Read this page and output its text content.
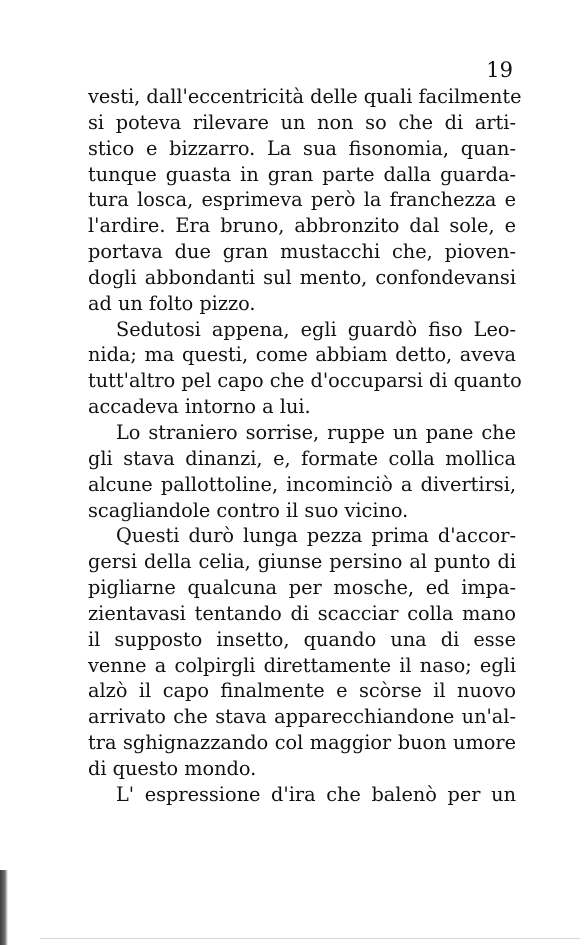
19
vesti, dall'eccentricità delle quali facilmente
si poteva rilevare un non so che di arti-
stico e bizzarro. La sua fisonomia, quan-
tunque guasta in gran parte dalla guarda-
tura losca, esprimeva però la franchezza e
l'ardire. Era bruno, abbronzito dal sole, e
portava due gran mustacchi che, pioven-
dogli abbondanti sul mento, confondevansi
ad un folto pizzo.
Sedutosi appena, egli guardò fiso Leo-
nida; ma questi, come abbiam detto, aveva
tutt'altro pel capo che d'occuparsi di quanto
accadeva intorno a lui.
Lo straniero sorrise, ruppe un pane che
gli stava dinanzi, e, formate colla mollica
alcune pallottoline, incominciò a divertirsi,
scagliandole contro il suo vicino.
Questi durò lunga pezza prima d'accor-
gersi della celia, giunse persino al punto di
pigliarne qualcuna per mosche, ed impa-
zientavasi tentando di scacciar colla mano
il supposto insetto, quando una di esse
venne a colpirgli direttamente il naso; egli
alzò il capo finalmente e scòrse il nuovo
arrivato che stava apparecchiandone un'al-
tra sghignazzando col maggior buon umore
di questo mondo.
L' espressione d'ira che balenò per un
